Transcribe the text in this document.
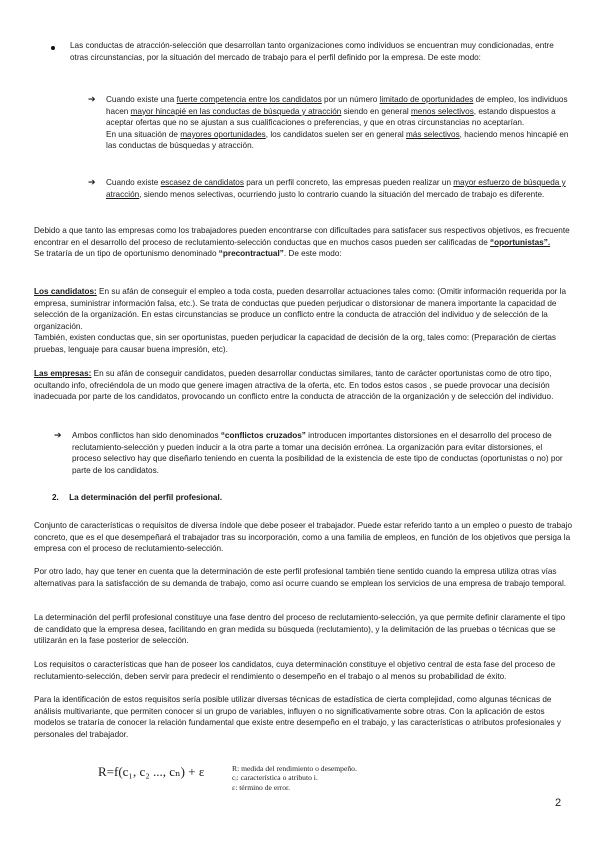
Las conductas de atracción-selección que desarrollan tanto organizaciones como individuos se encuentran muy condicionadas, entre otras circunstancias, por la situación del mercado de trabajo para el perfil definido por la empresa. De este modo:

➔ Cuando existe una fuerte competencia entre los candidatos por un número limitado de oportunidades de empleo, los individuos hacen mayor hincapié en las conductas de búsqueda y atracción siendo en general menos selectivos, estando dispuestos a aceptar ofertas que no se ajustan a sus cualificaciones o preferencias, y que en otras circunstancias no aceptarían.

En una situación de mayores oportunidades, los candidatos suelen ser en general más selectivos, haciendo menos hincapié en las conductas de búsquedas y atracción.

➔ Cuando existe escasez de candidatos para un perfil concreto, las empresas pueden realizar un mayor esfuerzo de búsqueda y atracción, siendo menos selectivas, ocurriendo justo lo contrario cuando la situación del mercado de trabajo es diferente.

Debido a que tanto las empresas como los trabajadores pueden encontrarse con dificultades para satisfacer sus respectivos objetivos, es frecuente encontrar en el desarrollo del proceso de reclutamiento-selección conductas que en muchos casos pueden ser calificadas de “oportunistas”.

Se trataría de un tipo de oportunismo denominado “precontractual”. De este modo:

Los candidatos: En su afán de conseguir el empleo a toda costa, pueden desarrollar actuaciones tales como: (Omitir información requerida por la empresa, suministrar información falsa, etc.). Se trata de conductas que pueden perjudicar o distorsionar de manera importante la capacidad de selección de la organización. En estas circunstancias se produce un conflicto entre la conducta de atracción del individuo y de selección de la organización.

También, existen conductas que, sin ser oportunistas, pueden perjudicar la capacidad de decisión de la org, tales como: (Preparación de ciertas pruebas, lenguaje para causar buena impresión, etc).

Las empresas: En su afán de conseguir candidatos, pueden desarrollar conductas similares, tanto de carácter oportunistas como de otro tipo, ocultando info, ofreciéndola de un modo que genere imagen atractiva de la oferta, etc. En todos estos casos , se puede provocar una decisión inadecuada por parte de los candidatos, provocando un conflicto entre la conducta de atracción de la organización y de selección del individuo.

➔ Ambos conflictos han sido denominados “conflictos cruzados” introducen importantes distorsiones en el desarrollo del proceso de reclutamiento-selección y pueden inducir a la otra parte a tomar una decisión errónea. La organización para evitar distorsiones, el proceso selectivo hay que diseñarlo teniendo en cuenta la posibilidad de la existencia de este tipo de conductas (oportunistas o no) por parte de los candidatos.

2. La determinación del perfil profesional.

Conjunto de características o requisitos de diversa índole que debe poseer el trabajador. Puede estar referido tanto a un empleo o puesto de trabajo concreto, que es el que desempeñará el trabajador tras su incorporación, como a una familia de empleos, en función de los objetivos que persiga la empresa con el proceso de reclutamiento-selección.

Por otro lado, hay que tener en cuenta que la determinación de este perfil profesional también tiene sentido cuando la empresa utiliza otras vías alternativas para la satisfacción de su demanda de trabajo, como así ocurre cuando se emplean los servicios de una empresa de trabajo temporal.

La determinación del perfil profesional constituye una fase dentro del proceso de reclutamiento-selección, ya que permite definir claramente el tipo de candidato que la empresa desea, facilitando en gran medida su búsqueda (reclutamiento), y la delimitación de las pruebas o técnicas que se utilizarán en la fase posterior de selección.

Los requisitos o características que han de poseer los candidatos, cuya determinación constituye el objetivo central de esta fase del proceso de reclutamiento-selección, deben servir para predecir el rendimiento o desempeño en el trabajo o al menos su probabilidad de éxito.

Para la identificación de estos requisitos sería posible utilizar diversas técnicas de estadística de cierta complejidad, como algunas técnicas de análisis multivariante, que permiten conocer si un grupo de variables, influyen o no significativamente sobre otras. Con la aplicación de estos modelos se trataría de conocer la relación fundamental que existe entre desempeño en el trabajo, y las características o atributos profesionales y personales del trabajador.

R=f(c₁, c₂ ..., cₙ) + ε	R: medida del rendimiento o desempeño.
cᵢ: característica o atributo i.
ε: término de error.
2
